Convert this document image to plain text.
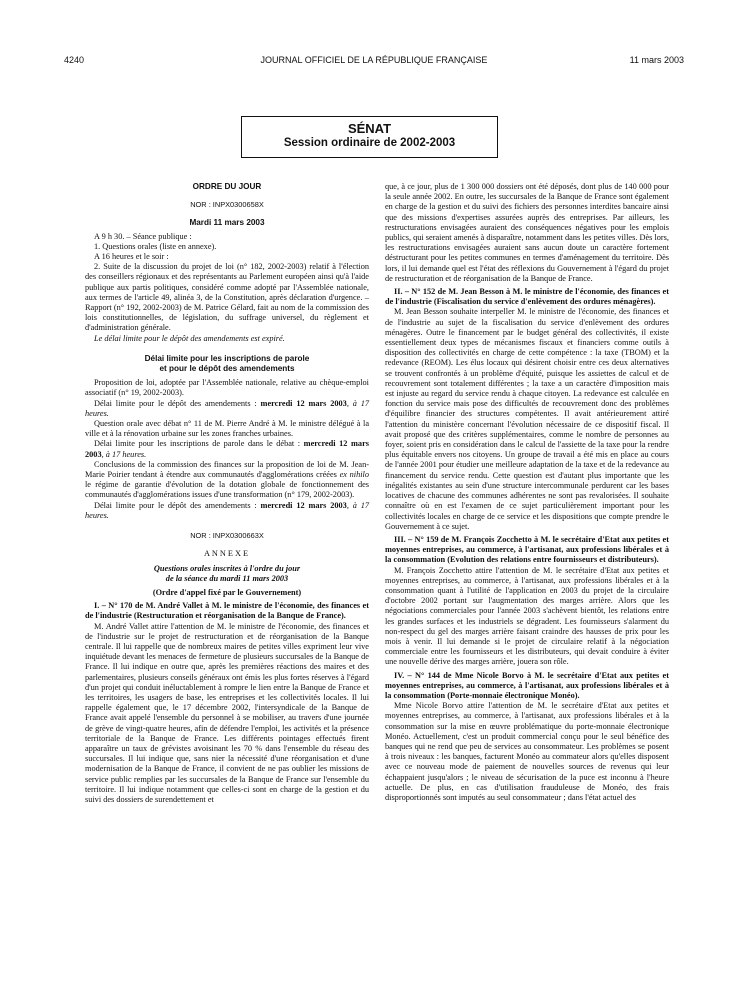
4240	JOURNAL OFFICIEL DE LA RÉPUBLIQUE FRANÇAISE	11 mars 2003
SÉNAT
Session ordinaire de 2002-2003

ORDRE DU JOUR

NOR : INPX0300658X

Mardi 11 mars 2003

A 9 h 30. – Séance publique :

1. Questions orales (liste en annexe).

A 16 heures et le soir :

2. Suite de la discussion du projet de loi (n° 182, 2002-2003) relatif à l'élection des conseillers régionaux et des représentants au Parlement européen ainsi qu'à l'aide publique aux partis politiques, considéré comme adopté par l'Assemblée nationale, aux termes de l'article 49, alinéa 3, de la Constitution, après déclaration d'urgence. – Rapport (n° 192, 2002-2003) de M. Patrice Gélard, fait au nom de la commission des lois constitutionnelles, de législation, du suffrage universel, du règlement et d'administration générale.

Le délai limite pour le dépôt des amendements est expiré.

Délai limite pour les inscriptions de parole

et pour le dépôt des amendements

Proposition de loi, adoptée par l'Assemblée nationale, relative au chèque-emploi associatif (n° 19, 2002-2003).

Délai limite pour le dépôt des amendements : mercredi 12 mars 2003, à 17 heures.

Question orale avec débat n° 11 de M. Pierre André à M. le ministre délégué à la ville et à la rénovation urbaine sur les zones franches urbaines.

Délai limite pour les inscriptions de parole dans le débat : mercredi 12 mars 2003, à 17 heures.

Conclusions de la commission des finances sur la proposition de loi de M. Jean-Marie Poirier tendant à étendre aux communautés d'agglomérations créées ex nihilo le régime de garantie d'évolution de la dotation globale de fonctionnement des communautés d'agglomérations issues d'une transformation (n° 179, 2002-2003).

Délai limite pour le dépôt des amendements : mercredi 12 mars 2003, à 17 heures.

NOR : INPX0300663X

ANNEXE

Questions orales inscrites à l'ordre du jour

de la séance du mardi 11 mars 2003

(Ordre d'appel fixé par le Gouvernement)

I. – N° 170 de M. André Vallet à M. le ministre de l'économie, des finances et de l'industrie (Restructuration et réorganisation de la Banque de France).

M. André Vallet attire l'attention de M. le ministre de l'économie, des finances et de l'industrie sur le projet de restructuration et de réorganisation de la Banque centrale. Il lui rappelle que de nombreux maires de petites villes expriment leur vive inquiétude devant les menaces de fermeture de plusieurs succursales de la Banque de France. Il lui indique en outre que, après les premières réactions des maires et des parlementaires, plusieurs conseils généraux ont émis les plus fortes réserves à l'égard d'un projet qui conduit inéluctablement à rompre le lien entre la Banque de France et les territoires, les usagers de base, les entreprises et les collectivités locales. Il lui rappelle également que, le 17 décembre 2002, l'intersyndicale de la Banque de France avait appelé l'ensemble du personnel à se mobiliser, au travers d'une journée de grève de vingt-quatre heures, afin de défendre l'emploi, les activités et la présence territoriale de la Banque de France. Les différents pointages effectués firent apparaître un taux de grévistes avoisinant les 70 % dans l'ensemble du réseau des succursales. Il lui indique que, sans nier la nécessité d'une réorganisation et d'une modernisation de la Banque de France, il convient de ne pas oublier les missions de service public remplies par les succursales de la Banque de France sur l'ensemble du territoire. Il lui indique notamment que celles-ci sont en charge de la gestion et du suivi des dossiers de surendettement et

que, à ce jour, plus de 1 300 000 dossiers ont été déposés, dont plus de 140 000 pour la seule année 2002. En outre, les succursales de la Banque de France sont également en charge de la gestion et du suivi des fichiers des personnes interdites bancaire ainsi que des missions d'expertises assurées auprès des entreprises. Par ailleurs, les restructurations envisagées auraient des conséquences négatives pour les emplois publics, qui seraient amenés à disparaître, notamment dans les petites villes. Dès lors, les restructurations envisagées auraient sans aucun doute un caractère fortement déstructurant pour les petites communes en termes d'aménagement du territoire. Dès lors, il lui demande quel est l'état des réflexions du Gouvernement à l'égard du projet de restructuration et de réorganisation de la Banque de France.

II. – N° 152 de M. Jean Besson à M. le ministre de l'économie, des finances et de l'industrie (Fiscalisation du service d'enlèvement des ordures ménagères).

M. Jean Besson souhaite interpeller M. le ministre de l'économie, des finances et de l'industrie au sujet de la fiscalisation du service d'enlèvement des ordures ménagères. Outre le financement par le budget général des collectivités, il existe essentiellement deux types de mécanismes fiscaux et financiers comme outils à disposition des collectivités en charge de cette compétence : la taxe (TBOM) et la redevance (REOM). Les élus locaux qui désirent choisir entre ces deux alternatives se trouvent confrontés à un problème d'équité, puisque les assiettes de calcul et de recouvrement sont totalement différentes ; la taxe a un caractère d'imposition mais est injuste au regard du service rendu à chaque citoyen. La redevance est calculée en fonction du service mais pose des difficultés de recouvrement donc des problèmes d'équilibre financier des structures compétentes. Il avait antérieurement attiré l'attention du ministère concernant l'évolution nécessaire de ce dispositif fiscal. Il avait proposé que des critères supplémentaires, comme le nombre de personnes au foyer, soient pris en considération dans le calcul de l'assiette de la taxe pour la rendre plus équitable envers nos citoyens. Un groupe de travail a été mis en place au cours de l'année 2001 pour étudier une meilleure adaptation de la taxe et de la redevance au financement du service rendu. Cette question est d'autant plus importante que les inégalités existantes au sein d'une structure intercommunale perdurent car les bases locatives de chacune des communes adhérentes ne sont pas revalorisées. Il souhaite connaître où en est l'examen de ce sujet particulièrement important pour les collectivités locales en charge de ce service et les dispositions que compte prendre le Gouvernement à ce sujet.

III. – N° 159 de M. François Zocchetto à M. le secrétaire d'Etat aux petites et moyennes entreprises, au commerce, à l'artisanat, aux professions libérales et à la consommation (Evolution des relations entre fournisseurs et distributeurs).

M. François Zocchetto attire l'attention de M. le secrétaire d'Etat aux petites et moyennes entreprises, au commerce, à l'artisanat, aux professions libérales et à la consommation quant à l'utilité de l'application en 2003 du projet de la circulaire d'octobre 2002 portant sur l'augmentation des marges arrière. Alors que les négociations commerciales pour l'année 2003 s'achèvent bientôt, les relations entre les grandes surfaces et les industriels se dégradent. Les fournisseurs s'alarment du non-respect du gel des marges arrière faisant craindre des hausses de prix pour les mois à venir. Il lui demande si le projet de circulaire relatif à la négociation commerciale entre les fournisseurs et les distributeurs, qui devait conduire à éviter une nouvelle dérive des marges arrière, jouera son rôle.

IV. – N° 144 de Mme Nicole Borvo à M. le secrétaire d'Etat aux petites et moyennes entreprises, au commerce, à l'artisanat, aux professions libérales et à la consommation (Porte-monnaie électronique Monéo).

Mme Nicole Borvo attire l'attention de M. le secrétaire d'Etat aux petites et moyennes entreprises, au commerce, à l'artisanat, aux professions libérales et à la consommation sur la mise en œuvre problématique du porte-monnaie électronique Monéo. Actuellement, c'est un produit commercial conçu pour le seul bénéfice des banques qui ne rend que peu de services au consommateur. Les problèmes se posent à trois niveaux : les banques, facturent Monéo au commateur alors qu'elles disposent avec ce nouveau mode de paiement de nouvelles sources de revenus qui leur échappaient jusqu'alors ; le niveau de sécurisation de la puce est inconnu à l'heure actuelle. De plus, en cas d'utilisation frauduleuse de Monéo, des frais disproportionnés sont imputés au seul consommateur ; dans l'état actuel des
